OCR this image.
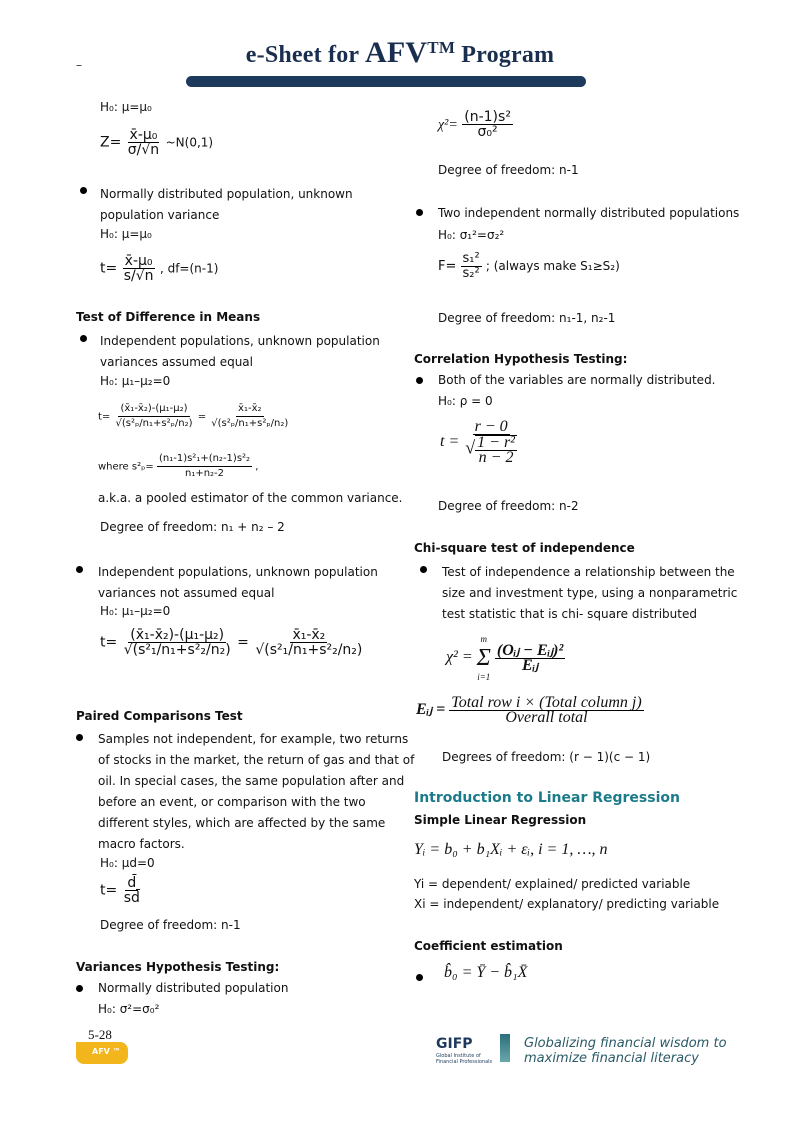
e-Sheet for AFV™ Program
–
H₀: μ=μ₀
$Z= \frac{\text{x̄-μ₀}}{\sigma/√n}$ ~N(0,1)
Normally distributed population, unknown
population variance
H₀: μ=μ₀
$t= \frac{\text{x̄-μ₀}}{s/√n}$ , df=(n-1)
Test of Difference in Means
Independent populations, unknown population
variances assumed equal
H₀: μ₁–μ₂=0
$t= \frac{\text{(x̄₁-x̄₂)-(μ₁-μ₂)}}{\text{√(s²ₚ/n₁+s²ₚ/n₂)}} = \frac{\text{x̄₁-x̄₂}}{\text{√(s²ₚ/n₁+s²ₚ/n₂)}}$
where $s^2_p= \frac{\text{(n₁-1)s²₁+(n₂-1)s²₂}}{\text{n₁+n₂-2}}$ ,
a.k.a. a pooled estimator of the common variance.
Degree of freedom: n₁ + n₂ – 2
Independent populations, unknown population
variances not assumed equal
H₀: μ₁–μ₂=0
$t= \frac{\text{(x̄₁-x̄₂)-(μ₁-μ₂)}}{\text{√(s²₁/n₁+s²₂/n₂)}} = \frac{\text{x̄₁-x̄₂}}{\text{√(s²₁/n₁+s²₂/n₂)}}$
Paired Comparisons Test
Samples not independent, for example, two returns
of stocks in the market, the return of gas and that of
oil. In special cases, the same population after and
before an event, or comparison with the two
different styles, which are affected by the same
macro factors.
H₀: μd=0
$t= \frac{d̄}{sd̄}$
Degree of freedom: n-1
Variances Hypothesis Testing:
Normally distributed population
H₀: σ²=σ₀²
$\chi^2= \frac{\text{(n-1)s²}}{\text{σ₀²}}$
Degree of freedom: n-1
Two independent normally distributed populations
H₀: σ₁²=σ₂²
$F= \frac{\text{s₁²}}{\text{s₂²}}$ ; (always make S₁≥S₂)
Degree of freedom: n₁-1, n₂-1
Correlation Hypothesis Testing:
Both of the variables are normally distributed.
H₀: ρ = 0
$t = \frac{r - 0}{√ \frac{\text{1 − r²}}{n - 2}}$
Degree of freedom: n-2
Chi-square test of independence
Test of independence a relationship between the
size and investment type, using a nonparametric
test statistic that is chi- square distributed
χ² =
m
Σ
i=1

$\frac{\text{(Oᵢⱼ − Eᵢⱼ)²}}{\text{Eᵢⱼ}}$
Eᵢⱼ = $\frac{\text{Total row i × (Total column j)}}{\text{Overall total}}$
Degrees of freedom: (r − 1)(c − 1)
Introduction to Linear Regression
Simple Linear Regression
Yᵢ = b₀ + b₁Xᵢ + εᵢ, i = 1, …, n
Yi = dependent/ explained/ predicted variable
Xi = independent/ explanatory/ predicting variable
Coefficient estimation
b̂₀ = Ȳ − b̂₁X̄
5-28
AFV ™	GIFP
Global Institute of Financial Professionals
Globalizing financial wisdom to
maximize financial literacy
